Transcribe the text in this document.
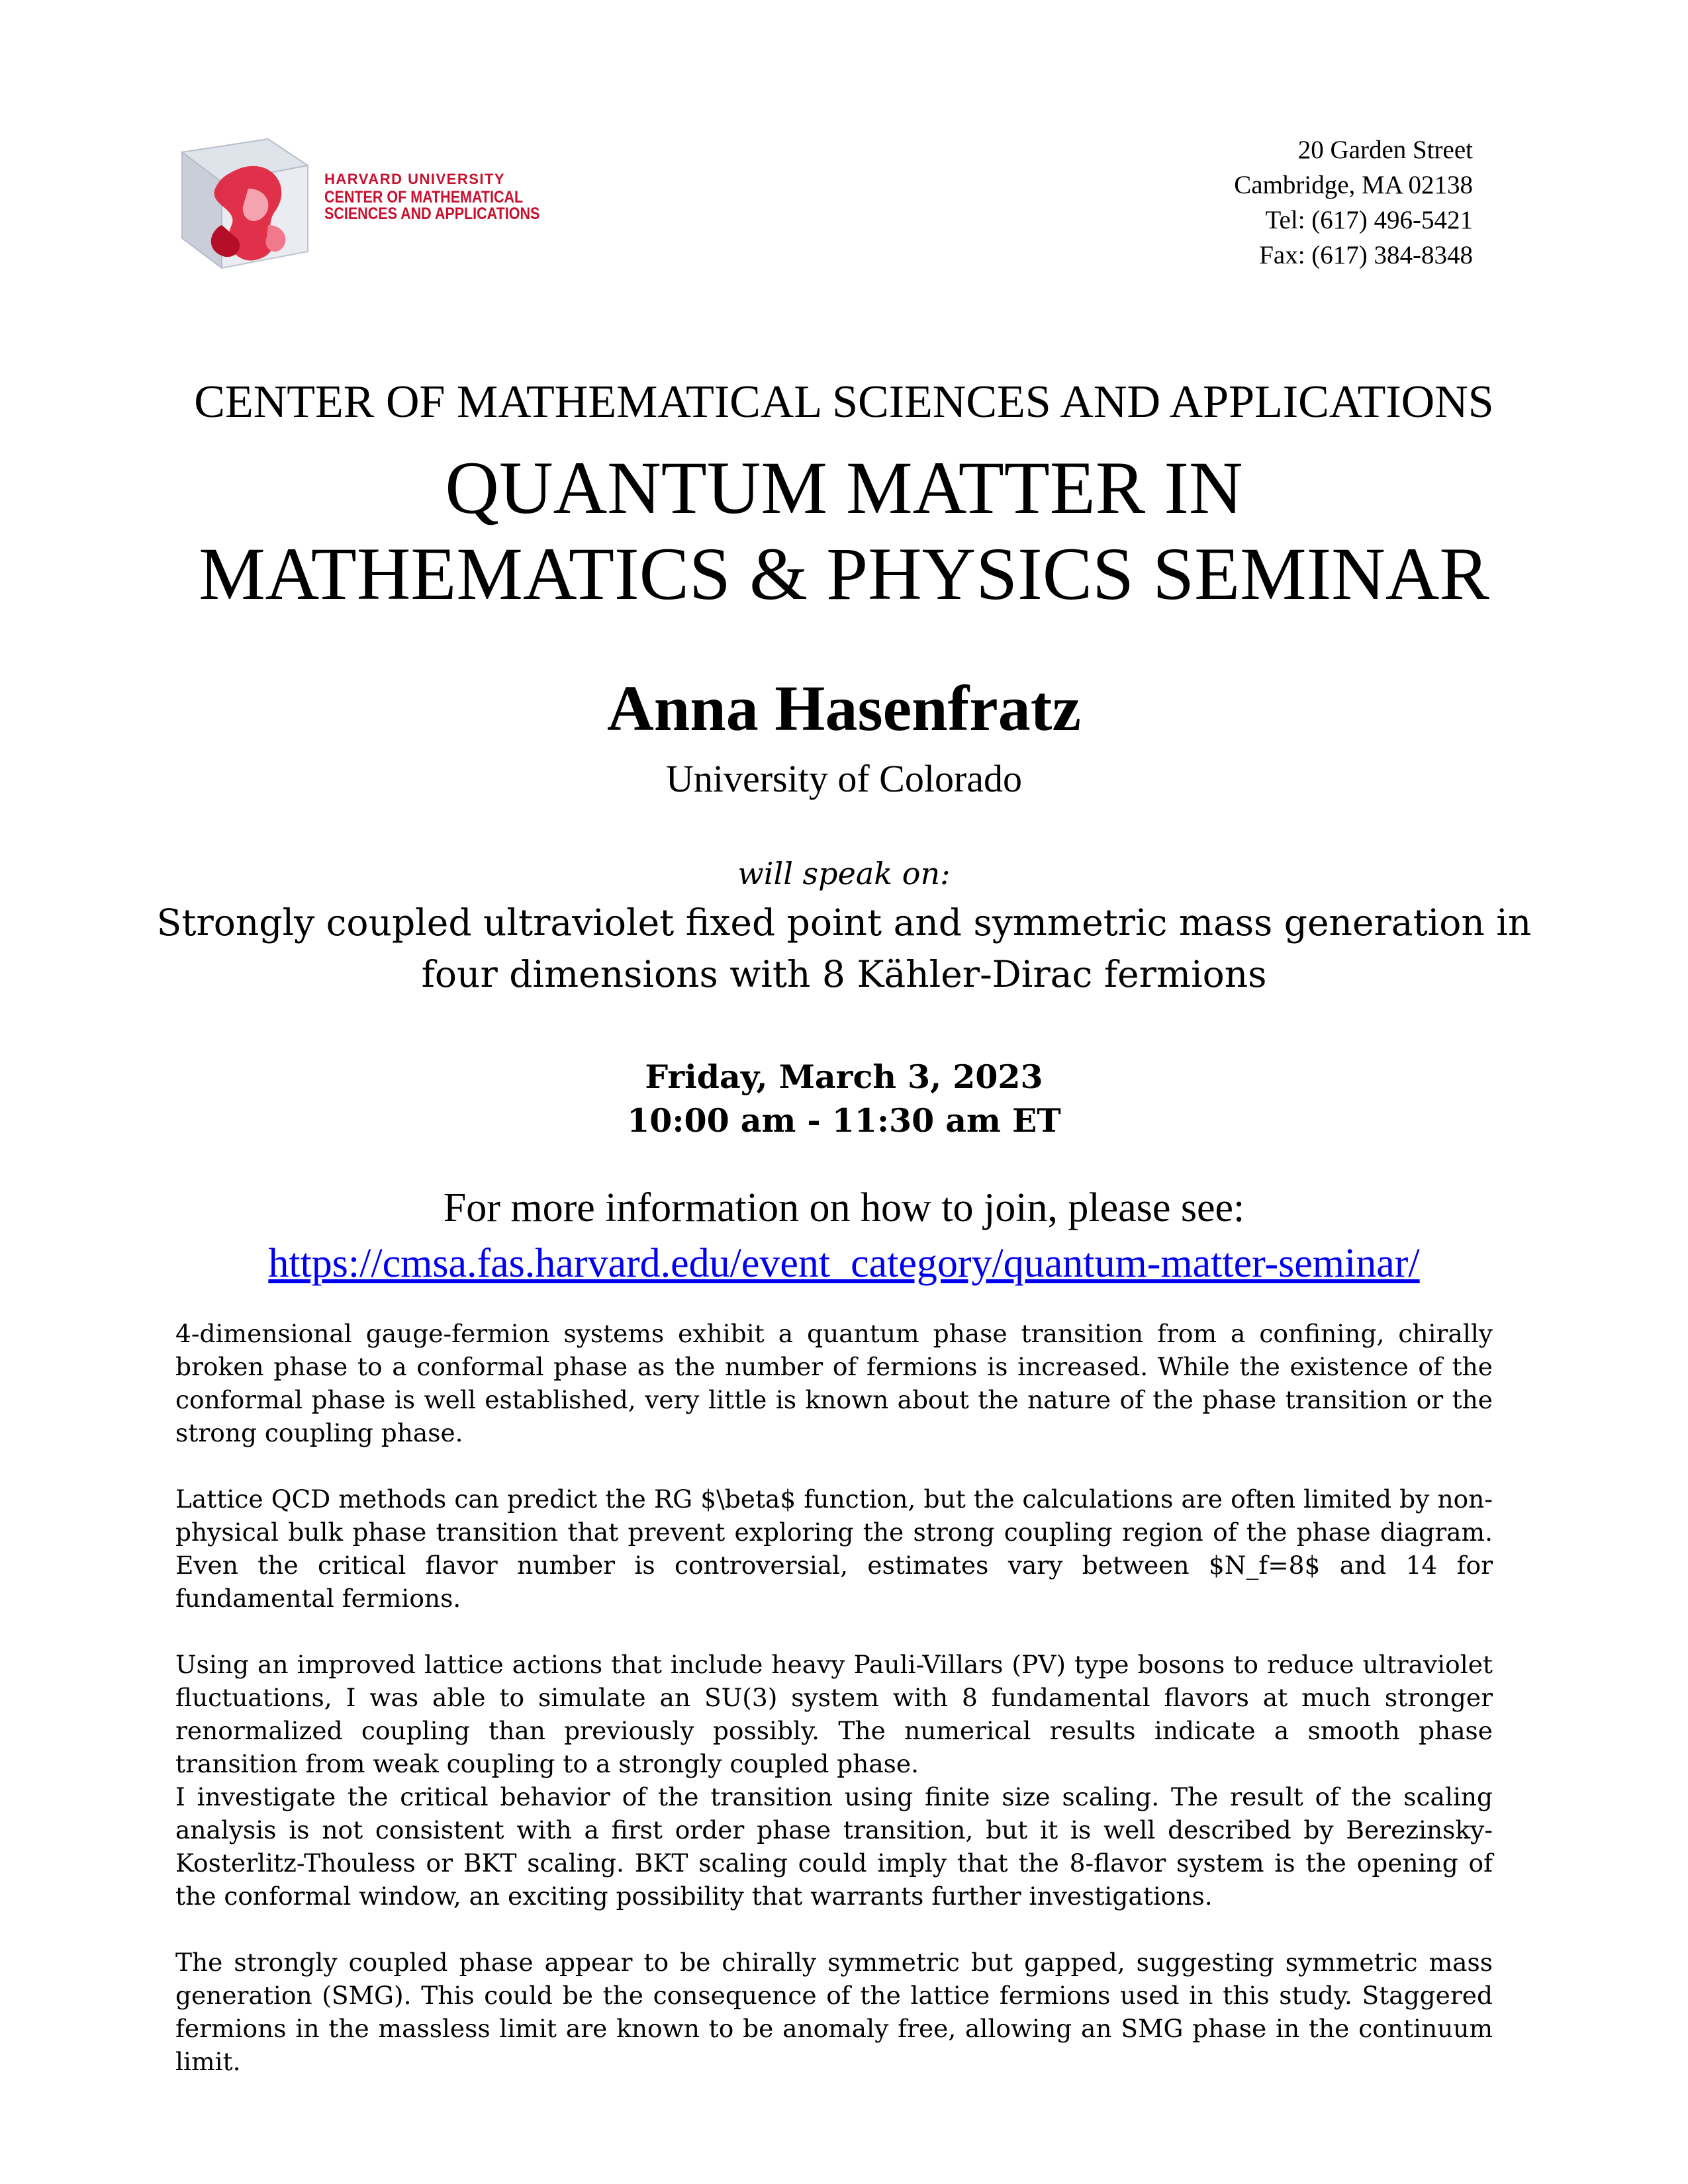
HARVARD UNIVERSITY
CENTER OF MATHEMATICAL
SCIENCES AND APPLICATIONS
20 Garden Street
Cambridge, MA 02138
Tel: (617) 496-5421
Fax: (617) 384-8348
CENTER OF MATHEMATICAL SCIENCES AND APPLICATIONS
QUANTUM MATTER IN
MATHEMATICS & PHYSICS SEMINAR
Anna Hasenfratz
University of Colorado
will speak on:
Strongly coupled ultraviolet fixed point and symmetric mass generation in
four dimensions with 8 Kähler-Dirac fermions
Friday, March 3, 2023
10:00 am - 11:30 am ET
For more information on how to join, please see:
https://cmsa.fas.harvard.edu/event_category/quantum-matter-seminar/
4-dimensional gauge-fermion systems exhibit a quantum phase transition from a confining, chirally broken phase to a conformal phase as the number of fermions is increased. While the existence of the conformal phase is well established, very little is known about the nature of the phase transition or the strong coupling phase.
Lattice QCD methods can predict the RG $\beta$ function, but the calculations are often limited by non-physical bulk phase transition that prevent exploring the strong coupling region of the phase diagram. Even the critical flavor number is controversial, estimates vary between $N_f=8$ and 14 for fundamental fermions.
Using an improved lattice actions that include heavy Pauli-Villars (PV) type bosons to reduce ultraviolet fluctuations, I was able to simulate an SU(3) system with 8 fundamental flavors at much stronger renormalized coupling than previously possibly. The numerical results indicate a smooth phase transition from weak coupling to a strongly coupled phase.
I investigate the critical behavior of the transition using finite size scaling. The result of the scaling analysis is not consistent with a first order phase transition, but it is well described by Berezinsky-Kosterlitz-Thouless or BKT scaling. BKT scaling could imply that the 8-flavor system is the opening of the conformal window, an exciting possibility that warrants further investigations.
The strongly coupled phase appear to be chirally symmetric but gapped, suggesting symmetric mass generation (SMG). This could be the consequence of the lattice fermions used in this study. Staggered fermions in the massless limit are known to be anomaly free, allowing an SMG phase in the continuum limit.
